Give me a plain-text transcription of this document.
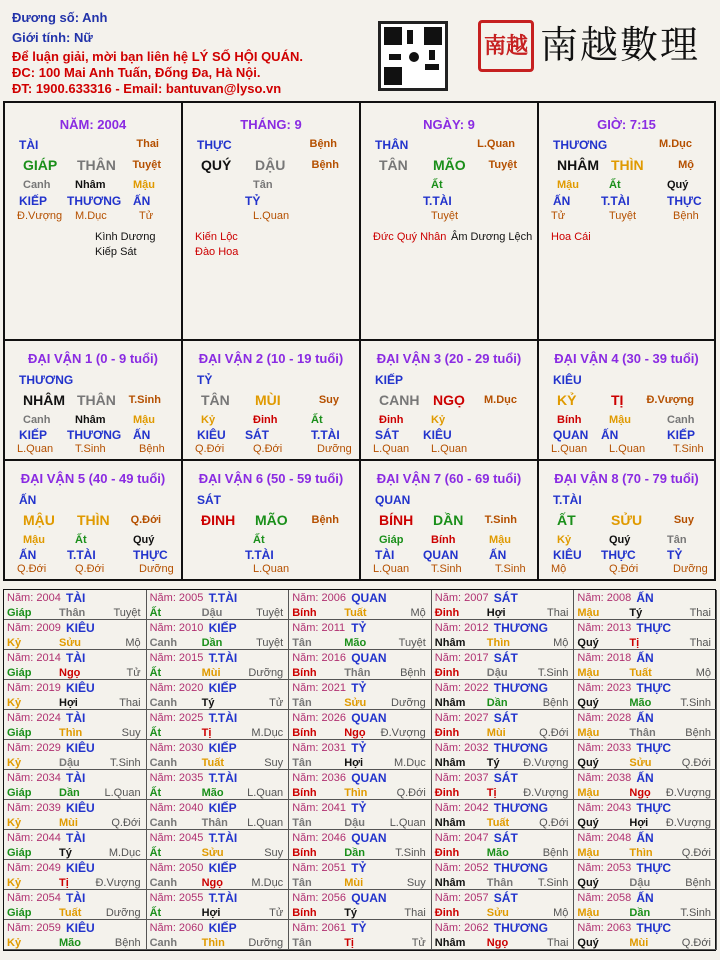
Đương số: Anh
Giới tính: Nữ
Để luận giải, mời bạn liên hệ LÝ SỐ HỘI QUÁN.
ĐC: 100 Mai Anh Tuấn, Đống Đa, Hà Nội.
ĐT: 1900.633316 - Email: bantuvan@lyso.vn
南越 南越數理
NĂM: 2004
TÀI	Thai
GIÁP THÂN Tuyệt
Canh Nhâm Mậu
KIẾP THƯƠNG ẤN
Đ.Vượng M.Dục	Tử
Kình Dương
Kiếp Sát
THÁNG: 9
THỰC	Bệnh
QUÝ DẬU Bệnh
Tân
TỶ
L.Quan
Kiến Lộc
Đào Hoa
NGÀY: 9
THÂN	L.Quan
TÂN MÃO Tuyệt
Ất
T.TÀI
Tuyệt
Đức Quý Nhân Âm Dương Lệch
GIỜ: 7:15
THƯƠNG	M.Dục
NHÂM THÌN	Mộ
Mậu	Ất	Quý
ẤN	T.TÀI	THỰC
Tử	Tuyệt	Bệnh
Hoa Cái
ĐẠI VẬN 1 (0 - 9 tuổi)
THƯƠNG
NHÂM THÂN T.Sinh
Canh Nhâm Mậu
KIẾP THƯƠNG ẤN
L.Quan T.Sinh	Bệnh
ĐẠI VẬN 2 (10 - 19 tuổi)
TỶ
TÂN MÙI	Suy
Kỷ	Đinh	Ất
KIÊU SÁT	T.TÀI
Q.Đới	Q.Đới	Dưỡng
ĐẠI VẬN 3 (20 - 29 tuổi)
KIẾP
CANH NGỌ M.Dục
Đinh	Kỷ
SÁT KIÊU
L.Quan L.Quan
ĐẠI VẬN 4 (30 - 39 tuổi)
KIÊU
KỶ TỊ Đ.Vượng
Bính	Mậu	Canh
QUAN ẤN	KIẾP
L.Quan L.Quan	T.Sinh
ĐẠI VẬN 5 (40 - 49 tuổi)
ẤN
MẬU THÌN Q.Đới
Mậu	Ất	Quý
ẤN	T.TÀI	THỰC
Q.Đới	Q.Đới	Dưỡng
ĐẠI VẬN 6 (50 - 59 tuổi)
SÁT
ĐINH MÃO Bệnh
Ất
T.TÀI
L.Quan
ĐẠI VẬN 7 (60 - 69 tuổi)
QUAN
BÍNH DẦN T.Sinh
Giáp	Bính	Mậu
TÀI QUAN	ẤN
L.Quan T.Sinh	T.Sinh
ĐẠI VẬN 8 (70 - 79 tuổi)
T.TÀI
ẤT	SỬU	Suy
Kỷ	Quý	Tân
KIÊU THỰC	TỶ
Mộ	Q.Đới	Dưỡng
Năm: 2004 TÀI
Giáp	Thân	Tuyệt
Năm: 2005 T.TÀI
Ất	Dậu	Tuyệt
Năm: 2006 QUAN
Bính	Tuất	Mộ
Năm: 2007 SÁT
Đinh	Hợi	Thai
Năm: 2008 ẤN
Mậu	Tý	Thai
Năm: 2009 KIÊU
Kỷ	Sửu	Mộ
Năm: 2010 KIẾP
Canh Dần	Tuyệt
Năm: 2011 TỶ
Tân	Mão	Tuyệt
Năm: 2012 THƯƠNG
Nhâm Thìn	Mộ
Năm: 2013 THỰC
Quý	Tị	Thai
Năm: 2014 TÀI
Giáp	Ngọ	Tử
Năm: 2015 T.TÀI
Ất	Mùi	Dưỡng
Năm: 2016 QUAN
Bính	Thân	Bệnh
Năm: 2017 SÁT
Đinh	Dậu	T.Sinh
Năm: 2018 ẤN
Mậu	Tuất	Mộ
Năm: 2019 KIÊU
Kỷ	Hợi	Thai
Năm: 2020 KIẾP
Canh Tý	Tử
Năm: 2021 TỶ
Tân	Sửu Dưỡng
Năm: 2022 THƯƠNG
Nhâm Dần	Bệnh
Năm: 2023 THỰC
Quý	Mão	T.Sinh
Năm: 2024 TÀI
Giáp	Thìn	Suy
Năm: 2025 T.TÀI
Ất	Tị	M.Dục
Năm: 2026 QUAN
Bính	Ngọ Đ.Vượng
Năm: 2027 SÁT
Đinh	Mùi	Q.Đới
Năm: 2028 ẤN
Mậu	Thân	Bệnh
Năm: 2029 KIÊU
Kỷ	Dậu	T.Sinh
Năm: 2030 KIẾP
Canh Tuất	Suy
Năm: 2031 TỶ
Tân	Hợi	M.Dục
Năm: 2032 THƯƠNG
Nhâm Tý Đ.Vượng
Năm: 2033 THỰC
Quý	Sửu	Q.Đới
Năm: 2034 TÀI
Giáp	Dần L.Quan
Năm: 2035 T.TÀI
Ất	Mão L.Quan
Năm: 2036 QUAN
Bính	Thìn	Q.Đới
Năm: 2037 SÁT
Đinh	Tị Đ.Vượng
Năm: 2038 ẤN
Mậu	Ngọ Đ.Vượng
Năm: 2039 KIÊU
Kỷ	Mùi	Q.Đới
Năm: 2040 KIẾP
Canh Thân L.Quan
Năm: 2041 TỶ
Tân	Dậu L.Quan
Năm: 2042 THƯƠNG
Nhâm Tuất	Q.Đới
Năm: 2043 THỰC
Quý	Hợi Đ.Vượng
Năm: 2044 TÀI
Giáp	Tý	M.Dục
Năm: 2045 T.TÀI
Ất	Sửu	Suy
Năm: 2046 QUAN
Bính	Dần	T.Sinh
Năm: 2047 SÁT
Đinh	Mão	Bệnh
Năm: 2048 ẤN
Mậu	Thìn	Q.Đới
Năm: 2049 KIÊU
Kỷ	Tị Đ.Vượng
Năm: 2050 KIẾP
Canh Ngọ	M.Dục
Năm: 2051 TỶ
Tân	Mùi	Suy
Năm: 2052 THƯƠNG
Nhâm Thân T.Sinh
Năm: 2053 THỰC
Quý	Dậu	Bệnh
Năm: 2054 TÀI
Giáp	Tuất Dưỡng
Năm: 2055 T.TÀI
Ất	Hợi	Tử
Năm: 2056 QUAN
Bính	Tý	Thai
Năm: 2057 SÁT
Đinh	Sửu	Mộ
Năm: 2058 ẤN
Mậu	Dần	T.Sinh
Năm: 2059 KIÊU
Kỷ	Mão	Bệnh
Năm: 2060 KIẾP
Canh Thìn Dưỡng
Năm: 2061 TỶ
Tân	Tị	Tử
Năm: 2062 THƯƠNG
Nhâm Ngọ	Thai
Năm: 2063 THỰC
Quý	Mùi	Q.Đới
